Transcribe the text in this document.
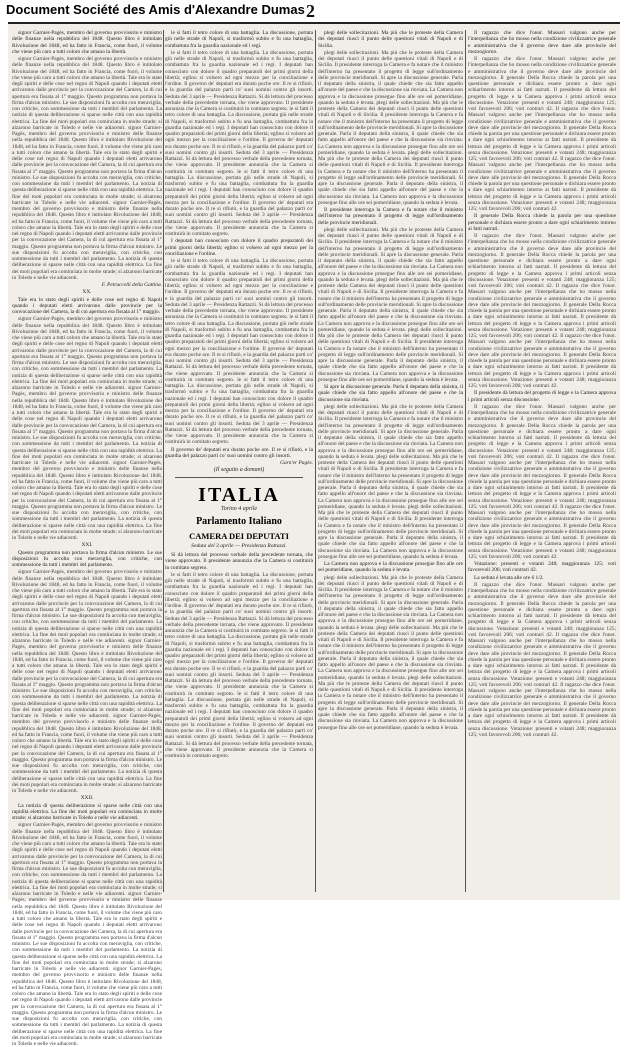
Document Société des Amis d'Alexandre Dumas 2

signor Garnier-Pagès, membro del governo provvisorio e ministro delle finanze nella repubblica del 1848. Questo libro è intitolato Rivoluzione del 1848, ed ha fatto in Francia, come fuori, il volume che viene più caro a tutti coloro che amano la libertà.

signor Garnier-Pagès, membro del governo provvisorio e ministro delle finanze nella repubblica del 1848. Questo libro è intitolato Rivoluzione del 1848, ed ha fatto in Francia, come fuori, il volume che viene più caro a tutti coloro che amano la libertà. Tale era lo stato degli spiriti e delle cose nel regno di Napoli quando i deputati eletti arrivarono dalle provincie per la convocazione del Camera, la di cui apertura era fissata al 1° maggio. Questo programma non portava la firma d'alcun ministro. Le sue disposizioni fu accolta con meraviglia, con critiche, con sommessione da tutti i membri del parlamento. La notizia di questa deliberazione si sparse nelle città con una rapidità elettrica. La fine dei moti popolari era cominciata in molte strade; si alzarono barricate in Toledo e nelle vie adiacenti. signor Garnier-Pagès, membro del governo provvisorio e ministro delle finanze nella repubblica del 1848. Questo libro è intitolato Rivoluzione del 1848, ed ha fatto in Francia, come fuori, il volume che viene più caro a tutti coloro che amano la libertà. Tale era lo stato degli spiriti e delle cose nel regno di Napoli quando i deputati eletti arrivarono dalle provincie per la convocazione del Camera, la di cui apertura era fissata al 1° maggio. Questo programma non portava la firma d'alcun ministro. Le sue disposizioni fu accolta con meraviglia, con critiche, con sommessione da tutti i membri del parlamento. La notizia di questa deliberazione si sparse nelle città con una rapidità elettrica. La fine dei moti popolari era cominciata in molte strade; si alzarono barricate in Toledo e nelle vie adiacenti. signor Garnier-Pagès, membro del governo provvisorio e ministro delle finanze nella repubblica del 1848. Questo libro è intitolato Rivoluzione del 1848, ed ha fatto in Francia, come fuori, il volume che viene più caro a tutti coloro che amano la libertà. Tale era lo stato degli spiriti e delle cose nel regno di Napoli quando i deputati eletti arrivarono dalle provincie per la convocazione del Camera, la di cui apertura era fissata al 1° maggio. Questo programma non portava la firma d'alcun ministro. Le sue disposizioni fu accolta con meraviglia, con critiche, con sommessione da tutti i membri del parlamento. La notizia di questa deliberazione si sparse nelle città con una rapidità elettrica. La fine dei moti popolari era cominciata in molte strade; si alzarono barricate in Toledo e nelle vie adiacenti.

F. Petruccelli della Gattina.

XX.

Tale era lo stato degli spiriti e delle cose nel regno di Napoli quando i deputati eletti arrivarono dalle provincie per la convocazione del Camera, la di cui apertura era fissata al 1° maggio.

signor Garnier-Pagès, membro del governo provvisorio e ministro delle finanze nella repubblica del 1848. Questo libro è intitolato Rivoluzione del 1848, ed ha fatto in Francia, come fuori, il volume che viene più caro a tutti coloro che amano la libertà. Tale era lo stato degli spiriti e delle cose nel regno di Napoli quando i deputati eletti arrivarono dalle provincie per la convocazione del Camera, la di cui apertura era fissata al 1° maggio. Questo programma non portava la firma d'alcun ministro. Le sue disposizioni fu accolta con meraviglia, con critiche, con sommessione da tutti i membri del parlamento. La notizia di questa deliberazione si sparse nelle città con una rapidità elettrica. La fine dei moti popolari era cominciata in molte strade; si alzarono barricate in Toledo e nelle vie adiacenti. signor Garnier-Pagès, membro del governo provvisorio e ministro delle finanze nella repubblica del 1848. Questo libro è intitolato Rivoluzione del 1848, ed ha fatto in Francia, come fuori, il volume che viene più caro a tutti coloro che amano la libertà. Tale era lo stato degli spiriti e delle cose nel regno di Napoli quando i deputati eletti arrivarono dalle provincie per la convocazione del Camera, la di cui apertura era fissata al 1° maggio. Questo programma non portava la firma d'alcun ministro. Le sue disposizioni fu accolta con meraviglia, con critiche, con sommessione da tutti i membri del parlamento. La notizia di questa deliberazione si sparse nelle città con una rapidità elettrica. La fine dei moti popolari era cominciata in molte strade; si alzarono barricate in Toledo e nelle vie adiacenti. signor Garnier-Pagès, membro del governo provvisorio e ministro delle finanze nella repubblica del 1848. Questo libro è intitolato Rivoluzione del 1848, ed ha fatto in Francia, come fuori, il volume che viene più caro a tutti coloro che amano la libertà. Tale era lo stato degli spiriti e delle cose nel regno di Napoli quando i deputati eletti arrivarono dalle provincie per la convocazione del Camera, la di cui apertura era fissata al 1° maggio. Questo programma non portava la firma d'alcun ministro. Le sue disposizioni fu accolta con meraviglia, con critiche, con sommessione da tutti i membri del parlamento. La notizia di questa deliberazione si sparse nelle città con una rapidità elettrica. La fine dei moti popolari era cominciata in molte strade; si alzarono barricate in Toledo e nelle vie adiacenti.

XXI.

Questo programma non portava la firma d'alcun ministro. Le sue disposizioni fu accolta con meraviglia, con critiche, con sommessione da tutti i membri del parlamento.

signor Garnier-Pagès, membro del governo provvisorio e ministro delle finanze nella repubblica del 1848. Questo libro è intitolato Rivoluzione del 1848, ed ha fatto in Francia, come fuori, il volume che viene più caro a tutti coloro che amano la libertà. Tale era lo stato degli spiriti e delle cose nel regno di Napoli quando i deputati eletti arrivarono dalle provincie per la convocazione del Camera, la di cui apertura era fissata al 1° maggio. Questo programma non portava la firma d'alcun ministro. Le sue disposizioni fu accolta con meraviglia, con critiche, con sommessione da tutti i membri del parlamento. La notizia di questa deliberazione si sparse nelle città con una rapidità elettrica. La fine dei moti popolari era cominciata in molte strade; si alzarono barricate in Toledo e nelle vie adiacenti. signor Garnier-Pagès, membro del governo provvisorio e ministro delle finanze nella repubblica del 1848. Questo libro è intitolato Rivoluzione del 1848, ed ha fatto in Francia, come fuori, il volume che viene più caro a tutti coloro che amano la libertà. Tale era lo stato degli spiriti e delle cose nel regno di Napoli quando i deputati eletti arrivarono dalle provincie per la convocazione del Camera, la di cui apertura era fissata al 1° maggio. Questo programma non portava la firma d'alcun ministro. Le sue disposizioni fu accolta con meraviglia, con critiche, con sommessione da tutti i membri del parlamento. La notizia di questa deliberazione si sparse nelle città con una rapidità elettrica. La fine dei moti popolari era cominciata in molte strade; si alzarono barricate in Toledo e nelle vie adiacenti. signor Garnier-Pagès, membro del governo provvisorio e ministro delle finanze nella repubblica del 1848. Questo libro è intitolato Rivoluzione del 1848, ed ha fatto in Francia, come fuori, il volume che viene più caro a tutti coloro che amano la libertà. Tale era lo stato degli spiriti e delle cose nel regno di Napoli quando i deputati eletti arrivarono dalle provincie per la convocazione del Camera, la di cui apertura era fissata al 1° maggio. Questo programma non portava la firma d'alcun ministro. Le sue disposizioni fu accolta con meraviglia, con critiche, con sommessione da tutti i membri del parlamento. La notizia di questa deliberazione si sparse nelle città con una rapidità elettrica. La fine dei moti popolari era cominciata in molte strade; si alzarono barricate in Toledo e nelle vie adiacenti.

XXII.

La notizia di questa deliberazione si sparse nelle città con una rapidità elettrica. La fine dei moti popolari era cominciata in molte strade; si alzarono barricate in Toledo e nelle vie adiacenti.

signor Garnier-Pagès, membro del governo provvisorio e ministro delle finanze nella repubblica del 1848. Questo libro è intitolato Rivoluzione del 1848, ed ha fatto in Francia, come fuori, il volume che viene più caro a tutti coloro che amano la libertà. Tale era lo stato degli spiriti e delle cose nel regno di Napoli quando i deputati eletti arrivarono dalle provincie per la convocazione del Camera, la di cui apertura era fissata al 1° maggio. Questo programma non portava la firma d'alcun ministro. Le sue disposizioni fu accolta con meraviglia, con critiche, con sommessione da tutti i membri del parlamento. La notizia di questa deliberazione si sparse nelle città con una rapidità elettrica. La fine dei moti popolari era cominciata in molte strade; si alzarono barricate in Toledo e nelle vie adiacenti. signor Garnier-Pagès, membro del governo provvisorio e ministro delle finanze nella repubblica del 1848. Questo libro è intitolato Rivoluzione del 1848, ed ha fatto in Francia, come fuori, il volume che viene più caro a tutti coloro che amano la libertà. Tale era lo stato degli spiriti e delle cose nel regno di Napoli quando i deputati eletti arrivarono dalle provincie per la convocazione del Camera, la di cui apertura era fissata al 1° maggio. Questo programma non portava la firma d'alcun ministro. Le sue disposizioni fu accolta con meraviglia, con critiche, con sommessione da tutti i membri del parlamento. La notizia di questa deliberazione si sparse nelle città con una rapidità elettrica. La fine dei moti popolari era cominciata in molte strade; si alzarono barricate in Toledo e nelle vie adiacenti. signor Garnier-Pagès, membro del governo provvisorio e ministro delle finanze nella repubblica del 1848. Questo libro è intitolato Rivoluzione del 1848, ed ha fatto in Francia, come fuori, il volume che viene più caro a tutti coloro che amano la libertà. Tale era lo stato degli spiriti e delle cose nel regno di Napoli quando i deputati eletti arrivarono dalle provincie per la convocazione del Camera, la di cui apertura era fissata al 1° maggio. Questo programma non portava la firma d'alcun ministro. Le sue disposizioni fu accolta con meraviglia, con critiche, con sommessione da tutti i membri del parlamento. La notizia di questa deliberazione si sparse nelle città con una rapidità elettrica. La fine dei moti popolari era cominciata in molte strade; si alzarono barricate in Toledo e nelle vie adiacenti.

le si fatti il tetro colore di una battaglia. La discussione, portata giù nelle strade di Napoli, si trasformò subito e fu una battaglia, combattuta fra la guardia nazionale ed i regi.

le si fatti il tetro colore di una battaglia. La discussione, portata giù nelle strade di Napoli, si trasformò subito e fu una battaglia, combattuta fra la guardia nazionale ed i regi. I deputati han conosciuto con dolore il quadro preparatoli dei primi giorni della libertà; eglino si volsero ad ogni mezzo per la conciliazione e l'ordine. Il governo de' deputati era durato poche ore. Il re si rifiutò, e la guardia del palazzo partì co' suoi uomini contro gli insorti. Seduta del 3 aprile — Presidenza Rattazzi. Si dà lettura del processo verbale della precedente tornata, che viene approvato. Il presidente annunzia che la Camera si costituirà in comitato segreto. le si fatti il tetro colore di una battaglia. La discussione, portata giù nelle strade di Napoli, si trasformò subito e fu una battaglia, combattuta fra la guardia nazionale ed i regi. I deputati han conosciuto con dolore il quadro preparatoli dei primi giorni della libertà; eglino si volsero ad ogni mezzo per la conciliazione e l'ordine. Il governo de' deputati era durato poche ore. Il re si rifiutò, e la guardia del palazzo partì co' suoi uomini contro gli insorti. Seduta del 3 aprile — Presidenza Rattazzi. Si dà lettura del processo verbale della precedente tornata, che viene approvato. Il presidente annunzia che la Camera si costituirà in comitato segreto. le si fatti il tetro colore di una battaglia. La discussione, portata giù nelle strade di Napoli, si trasformò subito e fu una battaglia, combattuta fra la guardia nazionale ed i regi. I deputati han conosciuto con dolore il quadro preparatoli dei primi giorni della libertà; eglino si volsero ad ogni mezzo per la conciliazione e l'ordine. Il governo de' deputati era durato poche ore. Il re si rifiutò, e la guardia del palazzo partì co' suoi uomini contro gli insorti. Seduta del 3 aprile — Presidenza Rattazzi. Si dà lettura del processo verbale della precedente tornata, che viene approvato. Il presidente annunzia che la Camera si costituirà in comitato segreto.

I deputati han conosciuto con dolore il quadro preparatoli dei primi giorni della libertà; eglino si volsero ad ogni mezzo per la conciliazione e l'ordine.

le si fatti il tetro colore di una battaglia. La discussione, portata giù nelle strade di Napoli, si trasformò subito e fu una battaglia, combattuta fra la guardia nazionale ed i regi. I deputati han conosciuto con dolore il quadro preparatoli dei primi giorni della libertà; eglino si volsero ad ogni mezzo per la conciliazione e l'ordine. Il governo de' deputati era durato poche ore. Il re si rifiutò, e la guardia del palazzo partì co' suoi uomini contro gli insorti. Seduta del 3 aprile — Presidenza Rattazzi. Si dà lettura del processo verbale della precedente tornata, che viene approvato. Il presidente annunzia che la Camera si costituirà in comitato segreto. le si fatti il tetro colore di una battaglia. La discussione, portata giù nelle strade di Napoli, si trasformò subito e fu una battaglia, combattuta fra la guardia nazionale ed i regi. I deputati han conosciuto con dolore il quadro preparatoli dei primi giorni della libertà; eglino si volsero ad ogni mezzo per la conciliazione e l'ordine. Il governo de' deputati era durato poche ore. Il re si rifiutò, e la guardia del palazzo partì co' suoi uomini contro gli insorti. Seduta del 3 aprile — Presidenza Rattazzi. Si dà lettura del processo verbale della precedente tornata, che viene approvato. Il presidente annunzia che la Camera si costituirà in comitato segreto. le si fatti il tetro colore di una battaglia. La discussione, portata giù nelle strade di Napoli, si trasformò subito e fu una battaglia, combattuta fra la guardia nazionale ed i regi. I deputati han conosciuto con dolore il quadro preparatoli dei primi giorni della libertà; eglino si volsero ad ogni mezzo per la conciliazione e l'ordine. Il governo de' deputati era durato poche ore. Il re si rifiutò, e la guardia del palazzo partì co' suoi uomini contro gli insorti. Seduta del 3 aprile — Presidenza Rattazzi. Si dà lettura del processo verbale della precedente tornata, che viene approvato. Il presidente annunzia che la Camera si costituirà in comitato segreto.

Il governo de' deputati era durato poche ore. Il re si rifiutò, e la guardia del palazzo partì co' suoi uomini contro gli insorti.

Garn'er Pagès.

(Il seguito a domani)

ITALIA
Torino 4 aprile
Parlamento Italiano
CAMERA DEI DEPUTATI
Seduta del 3 aprile — Presidenza Rattazzi.

Si dà lettura del processo verbale della precedente tornata, che viene approvato. Il presidente annunzia che la Camera si costituirà in comitato segreto.

le si fatti il tetro colore di una battaglia. La discussione, portata giù nelle strade di Napoli, si trasformò subito e fu una battaglia, combattuta fra la guardia nazionale ed i regi. I deputati han conosciuto con dolore il quadro preparatoli dei primi giorni della libertà; eglino si volsero ad ogni mezzo per la conciliazione e l'ordine. Il governo de' deputati era durato poche ore. Il re si rifiutò, e la guardia del palazzo partì co' suoi uomini contro gli insorti. Seduta del 3 aprile — Presidenza Rattazzi. Si dà lettura del processo verbale della precedente tornata, che viene approvato. Il presidente annunzia che la Camera si costituirà in comitato segreto. le si fatti il tetro colore di una battaglia. La discussione, portata giù nelle strade di Napoli, si trasformò subito e fu una battaglia, combattuta fra la guardia nazionale ed i regi. I deputati han conosciuto con dolore il quadro preparatoli dei primi giorni della libertà; eglino si volsero ad ogni mezzo per la conciliazione e l'ordine. Il governo de' deputati era durato poche ore. Il re si rifiutò, e la guardia del palazzo partì co' suoi uomini contro gli insorti. Seduta del 3 aprile — Presidenza Rattazzi. Si dà lettura del processo verbale della precedente tornata, che viene approvato. Il presidente annunzia che la Camera si costituirà in comitato segreto. le si fatti il tetro colore di una battaglia. La discussione, portata giù nelle strade di Napoli, si trasformò subito e fu una battaglia, combattuta fra la guardia nazionale ed i regi. I deputati han conosciuto con dolore il quadro preparatoli dei primi giorni della libertà; eglino si volsero ad ogni mezzo per la conciliazione e l'ordine. Il governo de' deputati era durato poche ore. Il re si rifiutò, e la guardia del palazzo partì co' suoi uomini contro gli insorti. Seduta del 3 aprile — Presidenza Rattazzi. Si dà lettura del processo verbale della precedente tornata, che viene approvato. Il presidente annunzia che la Camera si costituirà in comitato segreto.

plegi delle sollecitazioni. Ma più che le proteste della Camera dei deputati riuscì il punto delle questioni vitali di Napoli e di Sicilia.

plegi delle sollecitazioni. Ma più che le proteste della Camera dei deputati riuscì il punto delle questioni vitali di Napoli e di Sicilia. Il presidente interroga la Camera e fa notare che il ministro dell'interno ha presentato il progetto di legge sull'ordinamento delle provincie meridionali. Si apre la discussione generale. Parla il deputato della sinistra, il quale chiede che sia fatto appello all'onore del paese e che la discussione sia rinviata. La Camera non approva e la discussione prosegue fino alle ore sei pomeridiane, quando la seduta è levata. plegi delle sollecitazioni. Ma più che le proteste della Camera dei deputati riuscì il punto delle questioni vitali di Napoli e di Sicilia. Il presidente interroga la Camera e fa notare che il ministro dell'interno ha presentato il progetto di legge sull'ordinamento delle provincie meridionali. Si apre la discussione generale. Parla il deputato della sinistra, il quale chiede che sia fatto appello all'onore del paese e che la discussione sia rinviata. La Camera non approva e la discussione prosegue fino alle ore sei pomeridiane, quando la seduta è levata. plegi delle sollecitazioni. Ma più che le proteste della Camera dei deputati riuscì il punto delle questioni vitali di Napoli e di Sicilia. Il presidente interroga la Camera e fa notare che il ministro dell'interno ha presentato il progetto di legge sull'ordinamento delle provincie meridionali. Si apre la discussione generale. Parla il deputato della sinistra, il quale chiede che sia fatto appello all'onore del paese e che la discussione sia rinviata. La Camera non approva e la discussione prosegue fino alle ore sei pomeridiane, quando la seduta è levata.

Il presidente interroga la Camera e fa notare che il ministro dell'interno ha presentato il progetto di legge sull'ordinamento delle provincie meridionali.

plegi delle sollecitazioni. Ma più che le proteste della Camera dei deputati riuscì il punto delle questioni vitali di Napoli e di Sicilia. Il presidente interroga la Camera e fa notare che il ministro dell'interno ha presentato il progetto di legge sull'ordinamento delle provincie meridionali. Si apre la discussione generale. Parla il deputato della sinistra, il quale chiede che sia fatto appello all'onore del paese e che la discussione sia rinviata. La Camera non approva e la discussione prosegue fino alle ore sei pomeridiane, quando la seduta è levata. plegi delle sollecitazioni. Ma più che le proteste della Camera dei deputati riuscì il punto delle questioni vitali di Napoli e di Sicilia. Il presidente interroga la Camera e fa notare che il ministro dell'interno ha presentato il progetto di legge sull'ordinamento delle provincie meridionali. Si apre la discussione generale. Parla il deputato della sinistra, il quale chiede che sia fatto appello all'onore del paese e che la discussione sia rinviata. La Camera non approva e la discussione prosegue fino alle ore sei pomeridiane, quando la seduta è levata. plegi delle sollecitazioni. Ma più che le proteste della Camera dei deputati riuscì il punto delle questioni vitali di Napoli e di Sicilia. Il presidente interroga la Camera e fa notare che il ministro dell'interno ha presentato il progetto di legge sull'ordinamento delle provincie meridionali. Si apre la discussione generale. Parla il deputato della sinistra, il quale chiede che sia fatto appello all'onore del paese e che la discussione sia rinviata. La Camera non approva e la discussione prosegue fino alle ore sei pomeridiane, quando la seduta è levata.

Si apre la discussione generale. Parla il deputato della sinistra, il quale chiede che sia fatto appello all'onore del paese e che la discussione sia rinviata.

plegi delle sollecitazioni. Ma più che le proteste della Camera dei deputati riuscì il punto delle questioni vitali di Napoli e di Sicilia. Il presidente interroga la Camera e fa notare che il ministro dell'interno ha presentato il progetto di legge sull'ordinamento delle provincie meridionali. Si apre la discussione generale. Parla il deputato della sinistra, il quale chiede che sia fatto appello all'onore del paese e che la discussione sia rinviata. La Camera non approva e la discussione prosegue fino alle ore sei pomeridiane, quando la seduta è levata. plegi delle sollecitazioni. Ma più che le proteste della Camera dei deputati riuscì il punto delle questioni vitali di Napoli e di Sicilia. Il presidente interroga la Camera e fa notare che il ministro dell'interno ha presentato il progetto di legge sull'ordinamento delle provincie meridionali. Si apre la discussione generale. Parla il deputato della sinistra, il quale chiede che sia fatto appello all'onore del paese e che la discussione sia rinviata. La Camera non approva e la discussione prosegue fino alle ore sei pomeridiane, quando la seduta è levata. plegi delle sollecitazioni. Ma più che le proteste della Camera dei deputati riuscì il punto delle questioni vitali di Napoli e di Sicilia. Il presidente interroga la Camera e fa notare che il ministro dell'interno ha presentato il progetto di legge sull'ordinamento delle provincie meridionali. Si apre la discussione generale. Parla il deputato della sinistra, il quale chiede che sia fatto appello all'onore del paese e che la discussione sia rinviata. La Camera non approva e la discussione prosegue fino alle ore sei pomeridiane, quando la seduta è levata.

La Camera non approva e la discussione prosegue fino alle ore sei pomeridiane, quando la seduta è levata.

plegi delle sollecitazioni. Ma più che le proteste della Camera dei deputati riuscì il punto delle questioni vitali di Napoli e di Sicilia. Il presidente interroga la Camera e fa notare che il ministro dell'interno ha presentato il progetto di legge sull'ordinamento delle provincie meridionali. Si apre la discussione generale. Parla il deputato della sinistra, il quale chiede che sia fatto appello all'onore del paese e che la discussione sia rinviata. La Camera non approva e la discussione prosegue fino alle ore sei pomeridiane, quando la seduta è levata. plegi delle sollecitazioni. Ma più che le proteste della Camera dei deputati riuscì il punto delle questioni vitali di Napoli e di Sicilia. Il presidente interroga la Camera e fa notare che il ministro dell'interno ha presentato il progetto di legge sull'ordinamento delle provincie meridionali. Si apre la discussione generale. Parla il deputato della sinistra, il quale chiede che sia fatto appello all'onore del paese e che la discussione sia rinviata. La Camera non approva e la discussione prosegue fino alle ore sei pomeridiane, quando la seduta è levata. plegi delle sollecitazioni. Ma più che le proteste della Camera dei deputati riuscì il punto delle questioni vitali di Napoli e di Sicilia. Il presidente interroga la Camera e fa notare che il ministro dell'interno ha presentato il progetto di legge sull'ordinamento delle provincie meridionali. Si apre la discussione generale. Parla il deputato della sinistra, il quale chiede che sia fatto appello all'onore del paese e che la discussione sia rinviata. La Camera non approva e la discussione prosegue fino alle ore sei pomeridiane, quando la seduta è levata.

Il ragazzo che dice l'onor. Massari valgono anche per l'interpellanza che ho mosso nella condizione civilizzatrice generale e amministrativa che il governo deve dare alle provincie del mezzogiorno.

Il ragazzo che dice l'onor. Massari valgono anche per l'interpellanza che ho mosso nella condizione civilizzatrice generale e amministrativa che il governo deve dare alle provincie del mezzogiorno. Il generale Della Rocca chiede la parola per una questione personale e dichiara essere pronto a dare ogni schiarimento intorno ai fatti narrati. Il presidente dà lettura del progetto di legge e la Camera approva i primi articoli senza discussione. Votazione: presenti e votanti 248; maggioranza 125; voti favorevoli 206; voti contrari 42. Il ragazzo che dice l'onor. Massari valgono anche per l'interpellanza che ho mosso nella condizione civilizzatrice generale e amministrativa che il governo deve dare alle provincie del mezzogiorno. Il generale Della Rocca chiede la parola per una questione personale e dichiara essere pronto a dare ogni schiarimento intorno ai fatti narrati. Il presidente dà lettura del progetto di legge e la Camera approva i primi articoli senza discussione. Votazione: presenti e votanti 248; maggioranza 125; voti favorevoli 206; voti contrari 42. Il ragazzo che dice l'onor. Massari valgono anche per l'interpellanza che ho mosso nella condizione civilizzatrice generale e amministrativa che il governo deve dare alle provincie del mezzogiorno. Il generale Della Rocca chiede la parola per una questione personale e dichiara essere pronto a dare ogni schiarimento intorno ai fatti narrati. Il presidente dà lettura del progetto di legge e la Camera approva i primi articoli senza discussione. Votazione: presenti e votanti 248; maggioranza 125; voti favorevoli 206; voti contrari 42.

Il generale Della Rocca chiede la parola per una questione personale e dichiara essere pronto a dare ogni schiarimento intorno ai fatti narrati.

Il ragazzo che dice l'onor. Massari valgono anche per l'interpellanza che ho mosso nella condizione civilizzatrice generale e amministrativa che il governo deve dare alle provincie del mezzogiorno. Il generale Della Rocca chiede la parola per una questione personale e dichiara essere pronto a dare ogni schiarimento intorno ai fatti narrati. Il presidente dà lettura del progetto di legge e la Camera approva i primi articoli senza discussione. Votazione: presenti e votanti 248; maggioranza 125; voti favorevoli 206; voti contrari 42. Il ragazzo che dice l'onor. Massari valgono anche per l'interpellanza che ho mosso nella condizione civilizzatrice generale e amministrativa che il governo deve dare alle provincie del mezzogiorno. Il generale Della Rocca chiede la parola per una questione personale e dichiara essere pronto a dare ogni schiarimento intorno ai fatti narrati. Il presidente dà lettura del progetto di legge e la Camera approva i primi articoli senza discussione. Votazione: presenti e votanti 248; maggioranza 125; voti favorevoli 206; voti contrari 42. Il ragazzo che dice l'onor. Massari valgono anche per l'interpellanza che ho mosso nella condizione civilizzatrice generale e amministrativa che il governo deve dare alle provincie del mezzogiorno. Il generale Della Rocca chiede la parola per una questione personale e dichiara essere pronto a dare ogni schiarimento intorno ai fatti narrati. Il presidente dà lettura del progetto di legge e la Camera approva i primi articoli senza discussione. Votazione: presenti e votanti 248; maggioranza 125; voti favorevoli 206; voti contrari 42.

Il presidente dà lettura del progetto di legge e la Camera approva i primi articoli senza discussione.

Il ragazzo che dice l'onor. Massari valgono anche per l'interpellanza che ho mosso nella condizione civilizzatrice generale e amministrativa che il governo deve dare alle provincie del mezzogiorno. Il generale Della Rocca chiede la parola per una questione personale e dichiara essere pronto a dare ogni schiarimento intorno ai fatti narrati. Il presidente dà lettura del progetto di legge e la Camera approva i primi articoli senza discussione. Votazione: presenti e votanti 248; maggioranza 125; voti favorevoli 206; voti contrari 42. Il ragazzo che dice l'onor. Massari valgono anche per l'interpellanza che ho mosso nella condizione civilizzatrice generale e amministrativa che il governo deve dare alle provincie del mezzogiorno. Il generale Della Rocca chiede la parola per una questione personale e dichiara essere pronto a dare ogni schiarimento intorno ai fatti narrati. Il presidente dà lettura del progetto di legge e la Camera approva i primi articoli senza discussione. Votazione: presenti e votanti 248; maggioranza 125; voti favorevoli 206; voti contrari 42. Il ragazzo che dice l'onor. Massari valgono anche per l'interpellanza che ho mosso nella condizione civilizzatrice generale e amministrativa che il governo deve dare alle provincie del mezzogiorno. Il generale Della Rocca chiede la parola per una questione personale e dichiara essere pronto a dare ogni schiarimento intorno ai fatti narrati. Il presidente dà lettura del progetto di legge e la Camera approva i primi articoli senza discussione. Votazione: presenti e votanti 248; maggioranza 125; voti favorevoli 206; voti contrari 42.

Votazione: presenti e votanti 248; maggioranza 125; voti favorevoli 206; voti contrari 42.

La seduta è levata alle ore 6 1/2.

Il ragazzo che dice l'onor. Massari valgono anche per l'interpellanza che ho mosso nella condizione civilizzatrice generale e amministrativa che il governo deve dare alle provincie del mezzogiorno. Il generale Della Rocca chiede la parola per una questione personale e dichiara essere pronto a dare ogni schiarimento intorno ai fatti narrati. Il presidente dà lettura del progetto di legge e la Camera approva i primi articoli senza discussione. Votazione: presenti e votanti 248; maggioranza 125; voti favorevoli 206; voti contrari 42. Il ragazzo che dice l'onor. Massari valgono anche per l'interpellanza che ho mosso nella condizione civilizzatrice generale e amministrativa che il governo deve dare alle provincie del mezzogiorno. Il generale Della Rocca chiede la parola per una questione personale e dichiara essere pronto a dare ogni schiarimento intorno ai fatti narrati. Il presidente dà lettura del progetto di legge e la Camera approva i primi articoli senza discussione. Votazione: presenti e votanti 248; maggioranza 125; voti favorevoli 206; voti contrari 42. Il ragazzo che dice l'onor. Massari valgono anche per l'interpellanza che ho mosso nella condizione civilizzatrice generale e amministrativa che il governo deve dare alle provincie del mezzogiorno. Il generale Della Rocca chiede la parola per una questione personale e dichiara essere pronto a dare ogni schiarimento intorno ai fatti narrati. Il presidente dà lettura del progetto di legge e la Camera approva i primi articoli senza discussione. Votazione: presenti e votanti 248; maggioranza 125; voti favorevoli 206; voti contrari 42.
